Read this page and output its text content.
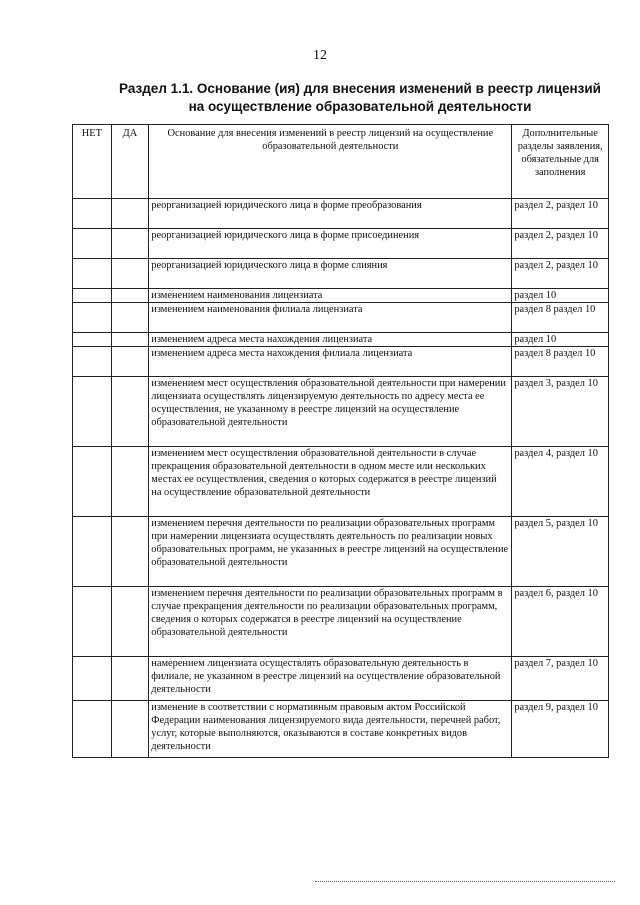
12
Раздел 1.1. Основание (ия) для внесения изменений в реестр лицензий на осуществление образовательной деятельности
НЕТ	ДА	Основание для внесения изменений в реестр лицензий на осуществление образовательной деятельности	Дополнительные разделы заявления, обязательные для заполнения
		реорганизацией юридического лица в форме преобразования	раздел 2, раздел 10
		реорганизацией юридического лица в форме присоединения	раздел 2, раздел 10
		реорганизацией юридического лица в форме слияния	раздел 2, раздел 10
		изменением наименования лицензиата	раздел 10
		изменением наименования филиала лицензиата	раздел 8 раздел 10
		изменением адреса места нахождения лицензиата	раздел 10
		изменением адреса места нахождения филиала лицензиата	раздел 8 раздел 10
		изменением мест осуществления образовательной деятельности при намерении лицензиата осуществлять лицензируемую деятельность по адресу места ее осуществления, не указанному в реестре лицензий на осуществление образовательной деятельности	раздел 3, раздел 10
		изменением мест осуществления образовательной деятельности в случае прекращения образовательной деятельности в одном месте или нескольких местах ее осуществления, сведения о которых содержатся в реестре лицензий на осуществление образовательной деятельности	раздел 4, раздел 10
		изменением перечня деятельности по реализации образовательных программ при намерении лицензиата осуществлять деятельность по реализации новых образовательных программ, не указанных в реестре лицензий на осуществление образовательной деятельности	раздел 5, раздел 10
		изменением перечня деятельности по реализации образовательных программ в случае прекращения деятельности по реализации образовательных программ, сведения о которых содержатся в реестре лицензий на осуществление образовательной деятельности	раздел 6, раздел 10
		намерением лицензиата осуществлять образовательную деятельность в филиале, не указанном в реестре лицензий на осуществление образовательной деятельности	раздел 7, раздел 10
		изменение в соответствии с нормативным правовым актом Российской Федерации наименования лицензируемого вида деятельности, перечней работ, услуг, которые выполняются, оказываются в составе конкретных видов деятельности	раздел 9, раздел 10
